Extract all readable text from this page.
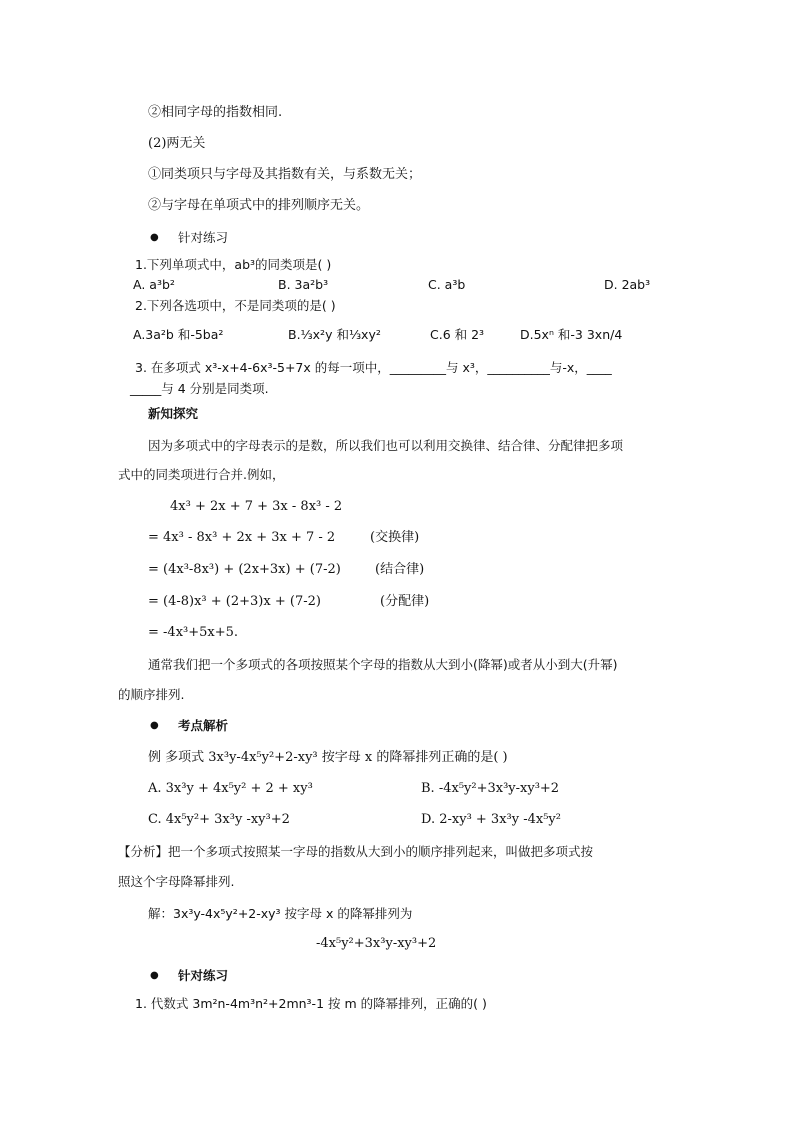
②相同字母的指数相同.
(2)两无关
①同类项只与字母及其指数有关，与系数无关；
②与字母在单项式中的排列顺序无关。
● 针对练习
1.下列单项式中，ab³的同类项是( )
A. a³b²	B. 3a²b³	C. a³b	D. 2ab³
2.下列各选项中，不是同类项的是( )
A.3a²b 和-5ba²	B.⅓x²y 和⅓xy²	C.6 和 2³	D.5xⁿ 和-3 3xn/4
3. 在多项式 x³-x+4-6x³-5+7x 的每一项中，_________与 x³，__________与-x，____
_____与 4 分别是同类项.
新知探究
因为多项式中的字母表示的是数，所以我们也可以利用交换律、结合律、分配律把多项
式中的同类项进行合并.例如，
4x³ + 2x + 7 + 3x - 8x³ - 2
= 4x³ - 8x³ + 2x + 3x + 7 - 2	(交换律)
= (4x³-8x³) + (2x+3x) + (7-2)	(结合律)
= (4-8)x³ + (2+3)x + (7-2)	(分配律)
= -4x³+5x+5.
通常我们把一个多项式的各项按照某个字母的指数从大到小(降幂)或者从小到大(升幂)
的顺序排列.
● 考点解析
例 多项式 3x³y-4x⁵y²+2-xy³ 按字母 x 的降幂排列正确的是( )
A. 3x³y + 4x⁵y² + 2 + xy³	B. -4x⁵y²+3x³y-xy³+2
C. 4x⁵y²+ 3x³y -xy³+2	D. 2-xy³ + 3x³y -4x⁵y²
【分析】把一个多项式按照某一字母的指数从大到小的顺序排列起来，叫做把多项式按
照这个字母降幂排列.
解：3x³y-4x⁵y²+2-xy³ 按字母 x 的降幂排列为
-4x⁵y²+3x³y-xy³+2
● 针对练习
1. 代数式 3m²n-4m³n²+2mn³-1 按 m 的降幂排列，正确的( )
